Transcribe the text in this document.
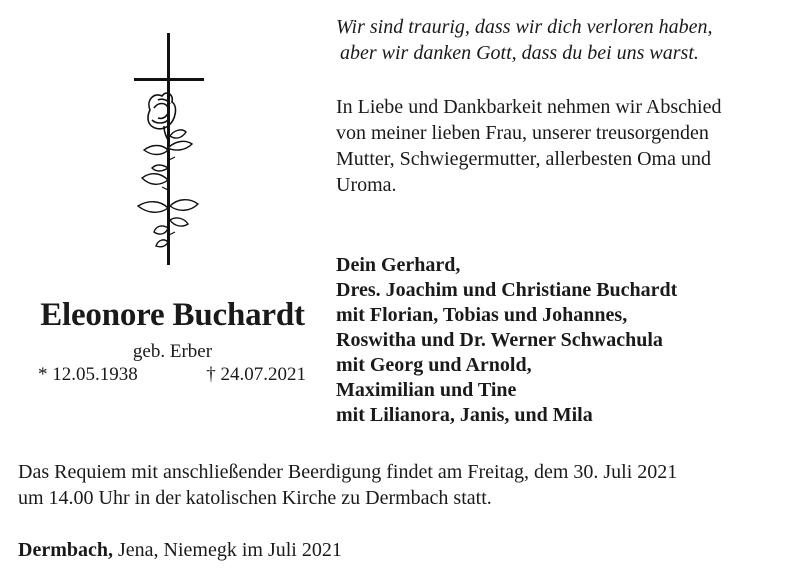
Eleonore Buchardt
geb. Erber
* 12.05.1938	† 24.07.2021
Wir sind traurig, dass wir dich verloren haben,
aber wir danken Gott, dass du bei uns warst.
In Liebe und Dankbarkeit nehmen wir Abschied
von meiner lieben Frau, unserer treusorgenden
Mutter, Schwiegermutter, allerbesten Oma und
Uroma.
Dein Gerhard,
Dres. Joachim und Christiane Buchardt
mit Florian, Tobias und Johannes,
Roswitha und Dr. Werner Schwachula
mit Georg und Arnold,
Maximilian und Tine
mit Lilianora, Janis, und Mila
Das Requiem mit anschließender Beerdigung findet am Freitag, dem 30. Juli 2021
um 14.00 Uhr in der katolischen Kirche zu Dermbach statt.
Dermbach, Jena, Niemegk im Juli 2021
